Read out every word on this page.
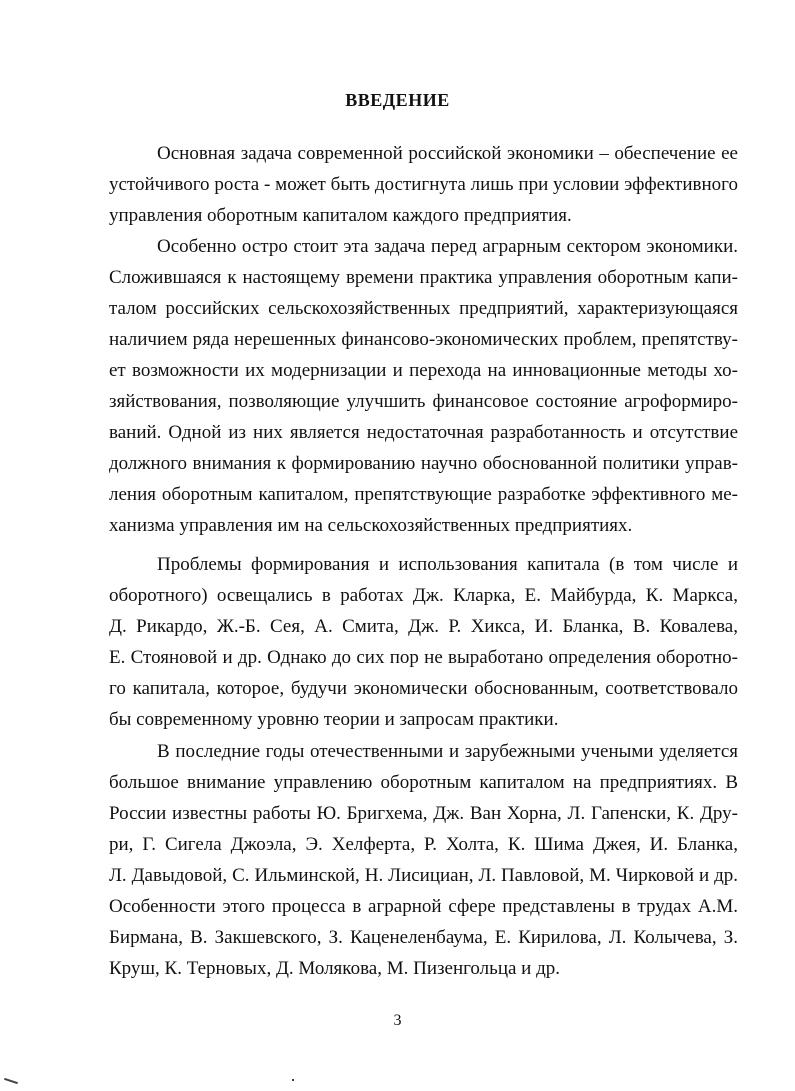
ВВЕДЕНИЕ

Основная задача современной российской экономики – обеспечение ее

устойчивого роста - может быть достигнута лишь при условии эффективного

управления оборотным капиталом каждого предприятия.

Особенно остро стоит эта задача перед аграрным сектором экономики.

Сложившаяся к настоящему времени практика управления оборотным капи-

талом российских сельскохозяйственных предприятий, характеризующаяся

наличием ряда нерешенных финансово-экономических проблем, препятству-

ет возможности их модернизации и перехода на инновационные методы хо-

зяйствования, позволяющие улучшить финансовое состояние агроформиро-

ваний. Одной из них является недостаточная разработанность и отсутствие

должного внимания к формированию научно обоснованной политики управ-

ления оборотным капиталом, препятствующие разработке эффективного ме-

ханизма управления им на сельскохозяйственных предприятиях.

Проблемы формирования и использования капитала (в том числе и

оборотного) освещались в работах Дж. Кларка, Е. Майбурда, К. Маркса,

Д. Рикардо, Ж.-Б. Сея, А. Смита, Дж. Р. Хикса, И. Бланка, В. Ковалева,

Е. Стояновой и др. Однако до сих пор не выработано определения оборотно-

го капитала, которое, будучи экономически обоснованным, соответствовало

бы современному уровню теории и запросам практики.

В последние годы отечественными и зарубежными учеными уделяется

большое внимание управлению оборотным капиталом на предприятиях. В

России известны работы Ю. Бригхема, Дж. Ван Хорна, Л. Гапенски, К. Дру-

ри, Г. Сигела Джоэла, Э. Хелферта, Р. Холта, К. Шима Джея, И. Бланка,

Л. Давыдовой, С. Ильминской, Н. Лисициан, Л. Павловой, М. Чирковой и др.

Особенности этого процесса в аграрной сфере представлены в трудах А.М.

Бирмана, В. Закшевского, З. Каценеленбаума, Е. Кирилова, Л. Колычева, З.

Круш, К. Терновых, Д. Молякова, М. Пизенгольца и др.

3
